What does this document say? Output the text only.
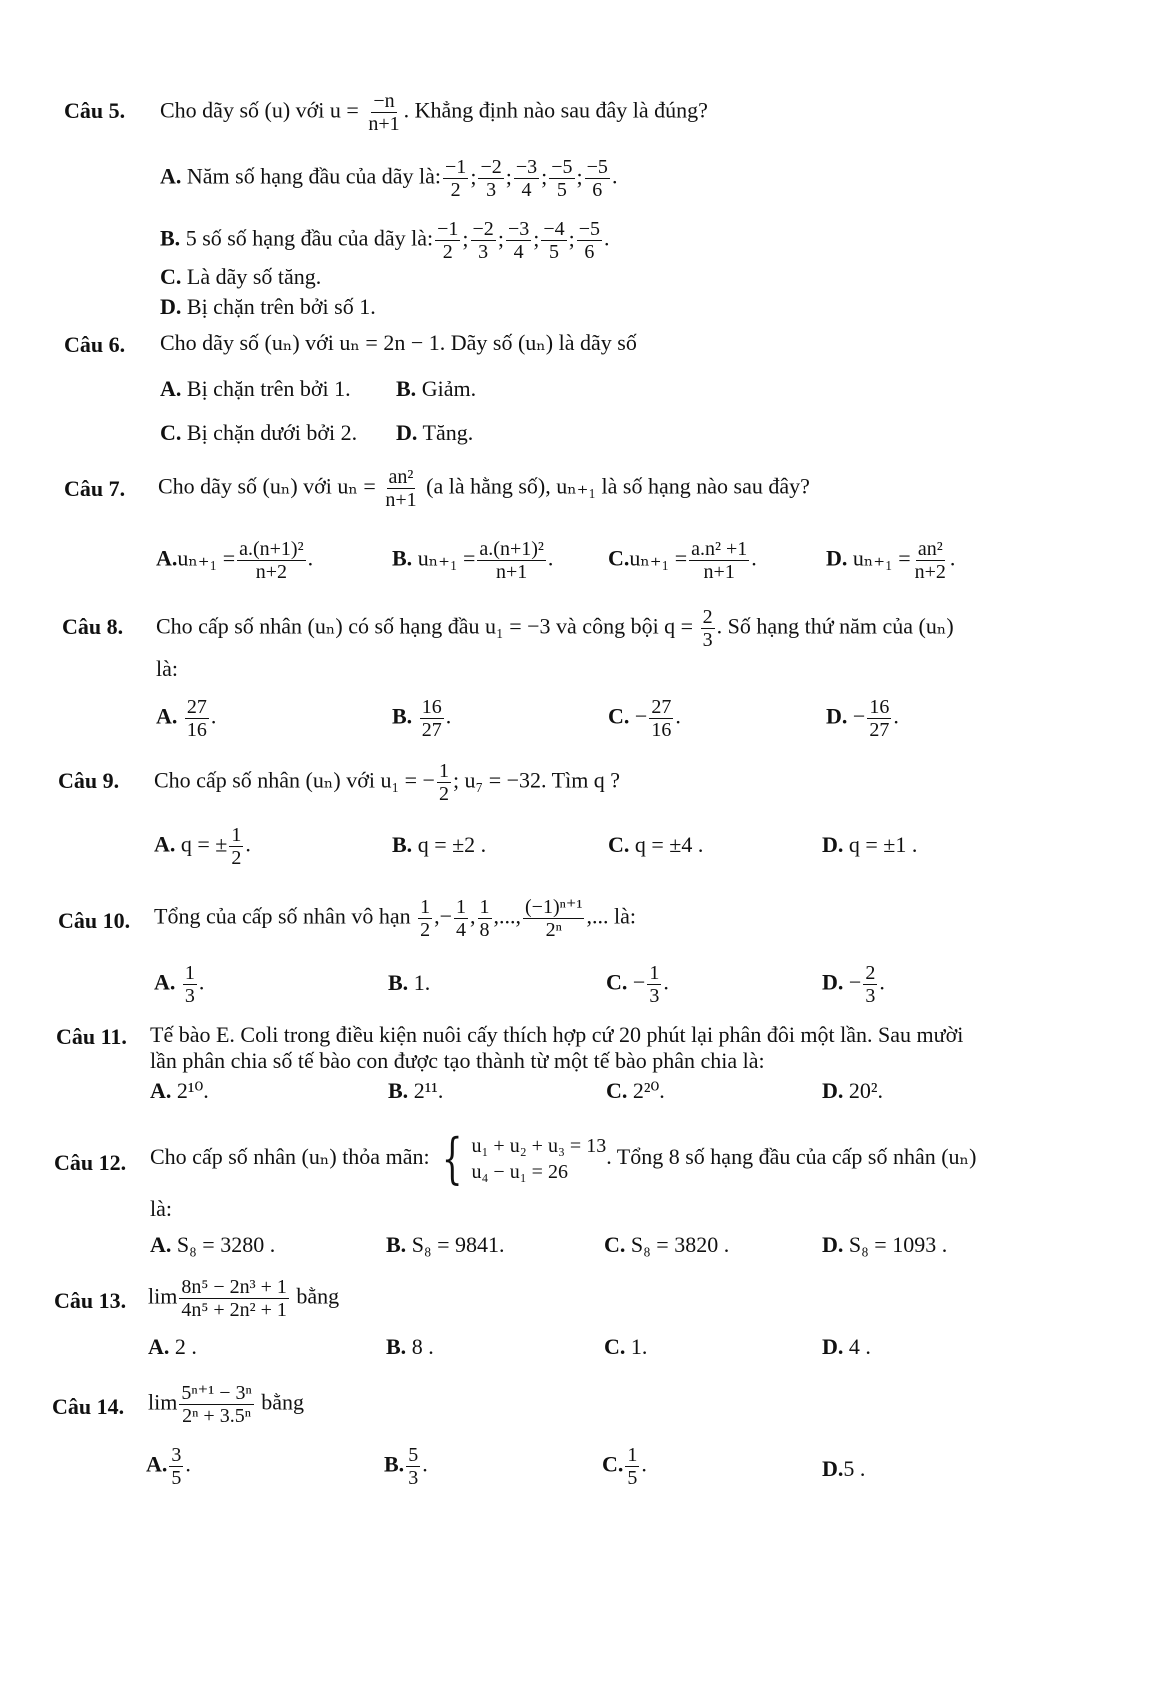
Câu 5. Cho dãy số (u) với $u = \frac{-n}{n+1}$ . Khẳng định nào sau đây là đúng?
A. Năm số hạng đầu của dãy là: $\frac{-1}{2}$ ; $\frac{-2}{3}$ ; $\frac{-3}{4}$ ; $\frac{-5}{5}$ ; $\frac{-5}{6}$ .
B. 5 số số hạng đầu của dãy là: $\frac{-1}{2}$ ; $\frac{-2}{3}$ ; $\frac{-3}{4}$ ; $\frac{-4}{5}$ ; $\frac{-5}{6}$ .
C. Là dãy số tăng.
D. Bị chặn trên bởi số 1.
Câu 6. Cho dãy số (uₙ) với uₙ = 2n − 1. Dãy số (uₙ) là dãy số
A. Bị chặn trên bởi 1. B. Giảm.
C. Bị chặn dưới bởi 2. D. Tăng.
Câu 7. Cho dãy số (uₙ) với $u_n = \frac{\text{an²}}{n+1} (a$ là hằng số), uₙ₊₁ là số hạng nào sau đây?
$A.u_{n+1} = \frac{\text{a.(n+1)²}}{n+2}$ .	B. $u_{n+1} = \frac{\text{a.(n+1)²}}{n+1}$ . $C.u_{n+1} = \frac{\text{a.n² +1}}{n+1}$ .	D. $u_{n+1} = \frac{\text{an²}}{n+2}$ .
Câu 8. Cho cấp số nhân (uₙ) có số hạng đầu u₁ = −3 và công bội $q = \frac{2}{3}$ . Số hạng thứ năm của (uₙ)
là:
A. $\frac{27}{16}$ .	B. $\frac{16}{27}$ .	C. − $\frac{27}{16}$ .	D. − $\frac{16}{27}$ .
Câu 9. Cho cấp số nhân (uₙ) với u₁ = − $\frac{1}{2}$ ; u₇ = −32. Tìm q ?
A. q = ± $\frac{1}{2}$ .	B. q = ±2 .	C. q = ±4 .	D. q = ±1 .
Câu 10. Tổng của cấp số nhân vô hạn $\frac{1}{2}$ ,− $\frac{1}{4}$ , $\frac{1}{8}$ ,..., $\frac{\text{(−1)ⁿ⁺¹}}{\text{2ⁿ}}$ ,... là:
A. $\frac{1}{3}$ .	B. 1.	C. − $\frac{1}{3}$ .	D. − $\frac{2}{3}$ .
Câu 11. Tế bào E. Coli trong điều kiện nuôi cấy thích hợp cứ 20 phút lại phân đôi một lần. Sau mười
lần phân chia số tế bào con được tạo thành từ một tế bào phân chia là:
A. 2¹⁰.	B. 2¹¹.	C. 2²⁰.	D. 20².
Câu 12. Cho cấp số nhân (uₙ) thỏa mãn: { u₁ + u₂ + u₃ = 13
u₄ − u₁ = 26
. Tổng 8 số hạng đầu của cấp số nhân (uₙ)
là:
A. S₈ = 3280 .	B. S₈ = 9841.	C. S₈ = 3820 .	D. S₈ = 1093 .
Câu 13. $\lim \frac{\text{8n⁵ − 2n³ + 1}}{\text{4n⁵ + 2n² + 1}}$ bằng
A. 2 .	B. 8 .	C. 1.	D. 4 .
Câu 14. $\lim \frac{\text{5ⁿ⁺¹ − 3ⁿ}}{\text{2ⁿ + 3.5ⁿ}}$ bằng
A. $\frac{3}{5}$ .	B. $\frac{5}{3}$ .	C. $\frac{1}{5}$ .	D.5 .
